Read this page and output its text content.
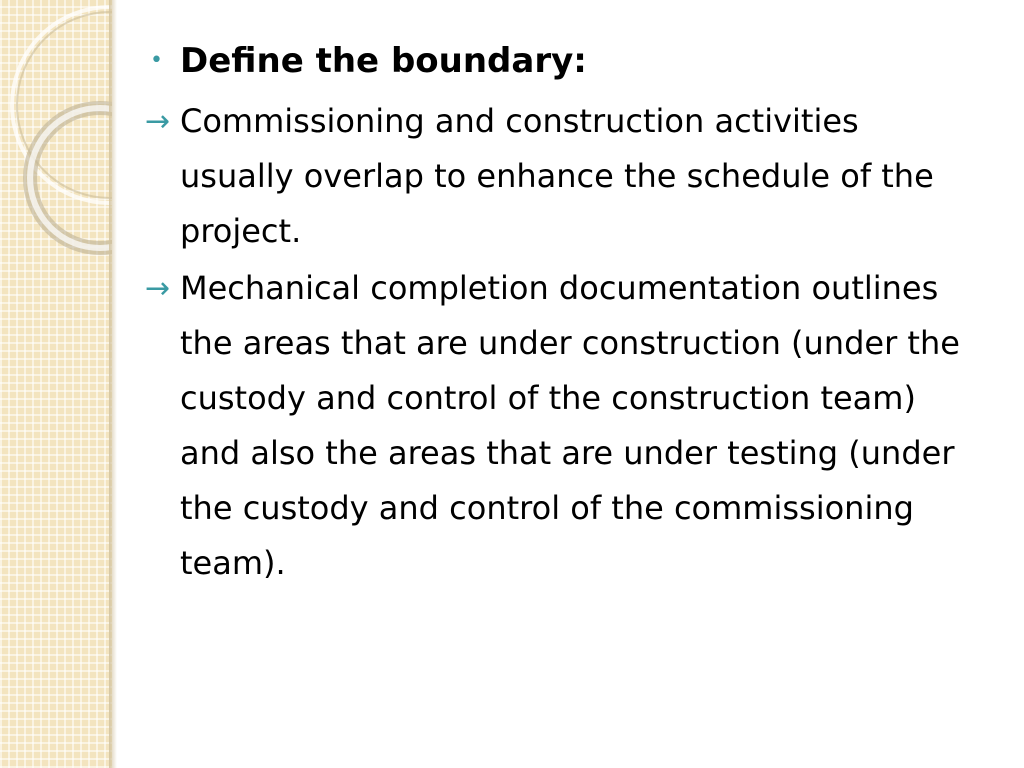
• Define the boundary:
→ Commissioning and construction activities usually overlap to enhance the schedule of the project.
→ Mechanical completion documentation outlines the areas that are under construction (under the custody and control of the construction team) and also the areas that are under testing (under the custody and control of the commissioning team).
